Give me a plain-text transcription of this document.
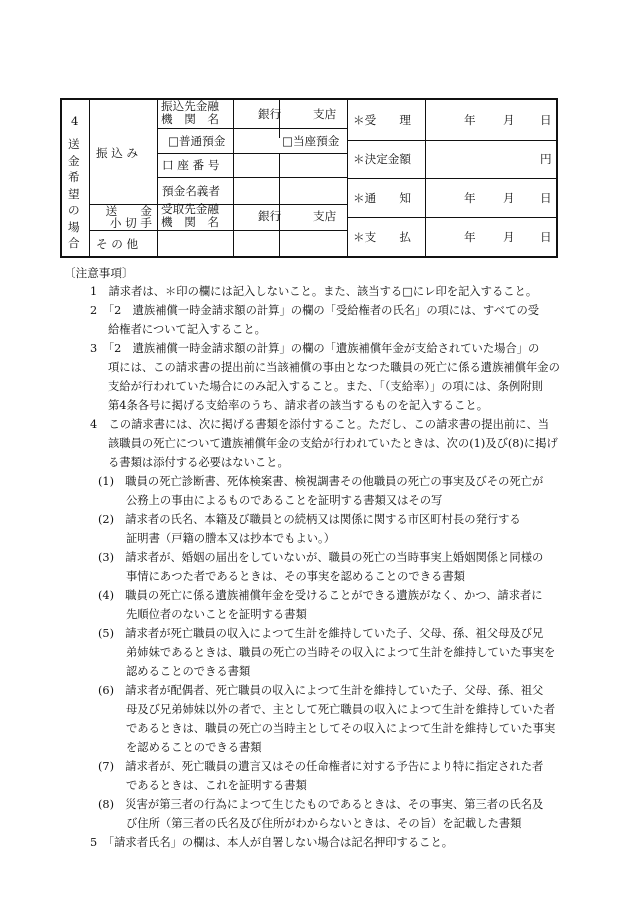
4
送金希望の場合
振 込 み
送　　金
小 切 手
そ の 他
振込先金融
機　関　名
□普通預金
口 座 番 号
預金名義者
受取先金融
機　関　名
銀行	支店
□当座預金
銀行	支店
＊受　　理
＊決定金額
＊通　　知
＊支　　払
年 月 日
円
年 月 日
年 月 日
〔注意事項〕
1　請求者は、＊印の欄には記入しないこと。また、該当する□にレ印を記入すること。
2　「2　遺族補償一時金請求額の計算」の欄の「受給権者の氏名」の項には、すべての受
給権者について記入すること。
3　「2　遺族補償一時金請求額の計算」の欄の「遺族補償年金が支給されていた場合」の
項には、この請求書の提出前に当該補償の事由となつた職員の死亡に係る遺族補償年金の
支給が行われていた場合にのみ記入すること。また、「（支給率）」の項には、条例附則
第4条各号に掲げる支給率のうち、請求者の該当するものを記入すること。
4　この請求書には、次に掲げる書類を添付すること。ただし、この請求書の提出前に、当
該職員の死亡について遺族補償年金の支給が行われていたときは、次の(1)及び(8)に掲げ
る書類は添付する必要はないこと。
(1)　職員の死亡診断書、死体検案書、検視調書その他職員の死亡の事実及びその死亡が
公務上の事由によるものであることを証明する書類又はその写
(2)　請求者の氏名、本籍及び職員との続柄又は関係に関する市区町村長の発行する
証明書（戸籍の謄本又は抄本でもよい。）
(3)　請求者が、婚姻の届出をしていないが、職員の死亡の当時事実上婚姻関係と同様の
事情にあつた者であるときは、その事実を認めることのできる書類
(4)　職員の死亡に係る遺族補償年金を受けることができる遺族がなく、かつ、請求者に
先順位者のないことを証明する書類
(5)　請求者が死亡職員の収入によつて生計を維持していた子、父母、孫、祖父母及び兄
弟姉妹であるときは、職員の死亡の当時その収入によつて生計を維持していた事実を
認めることのできる書類
(6)　請求者が配偶者、死亡職員の収入によつて生計を維持していた子、父母、孫、祖父
母及び兄弟姉妹以外の者で、主として死亡職員の収入によつて生計を維持していた者
であるときは、職員の死亡の当時主としてその収入によつて生計を維持していた事実
を認めることのできる書類
(7)　請求者が、死亡職員の遺言又はその任命権者に対する予告により特に指定された者
であるときは、これを証明する書類
(8)　災害が第三者の行為によつて生じたものであるときは、その事実、第三者の氏名及
び住所（第三者の氏名及び住所がわからないときは、その旨）を記載した書類
5　「請求者氏名」の欄は、本人が自署しない場合は記名押印すること。
